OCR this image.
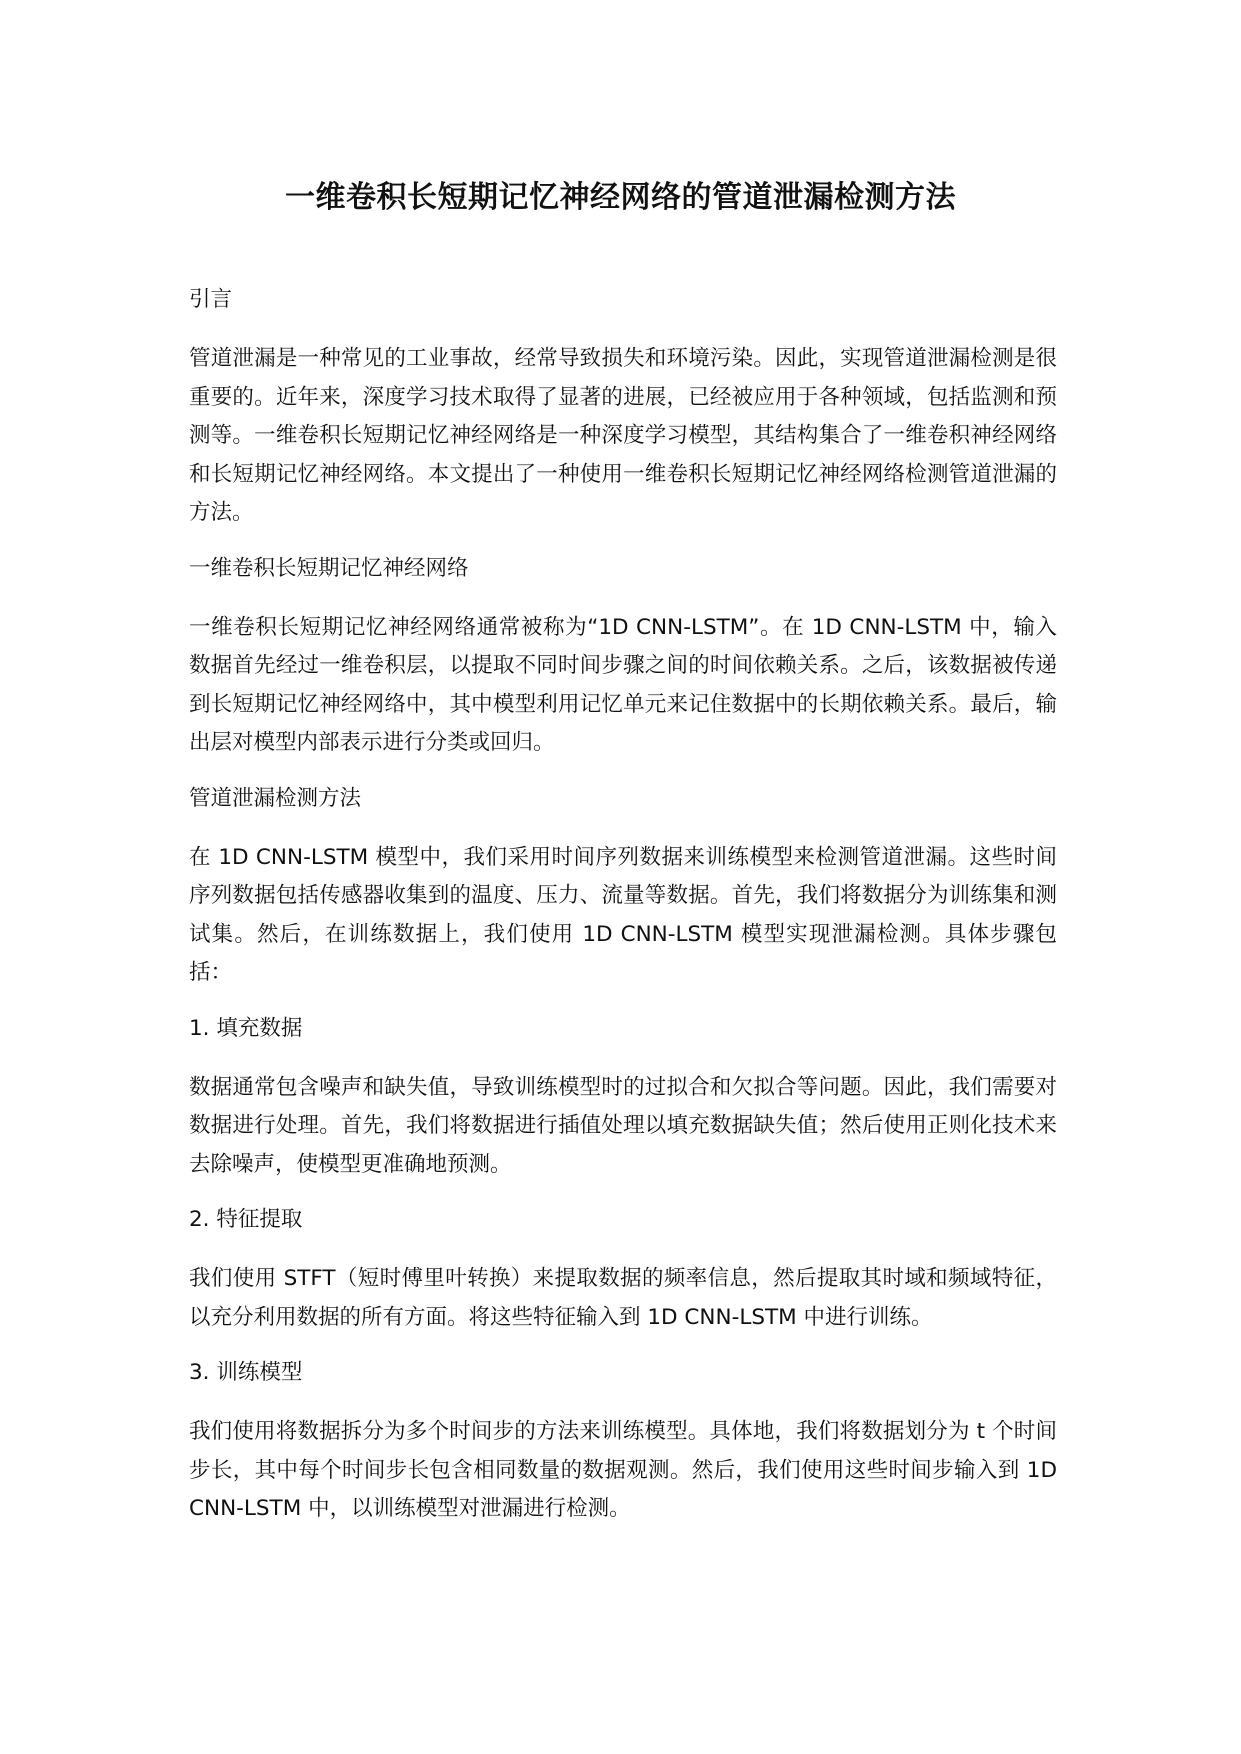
一维卷积长短期记忆神经网络的管道泄漏检测方法

引言

管道泄漏是一种常见的工业事故，经常导致损失和环境污染。因此，实现管道泄漏检测是很重要的。近年来，深度学习技术取得了显著的进展，已经被应用于各种领域，包括监测和预测等。一维卷积长短期记忆神经网络是一种深度学习模型，其结构集合了一维卷积神经网络和长短期记忆神经网络。本文提出了一种使用一维卷积长短期记忆神经网络检测管道泄漏的方法。

一维卷积长短期记忆神经网络

一维卷积长短期记忆神经网络通常被称为“1D CNN-LSTM”。在 1D CNN-LSTM 中，输入数据首先经过一维卷积层，以提取不同时间步骤之间的时间依赖关系。之后，该数据被传递到长短期记忆神经网络中，其中模型利用记忆单元来记住数据中的长期依赖关系。最后，输出层对模型内部表示进行分类或回归。

管道泄漏检测方法

在 1D CNN-LSTM 模型中，我们采用时间序列数据来训练模型来检测管道泄漏。这些时间序列数据包括传感器收集到的温度、压力、流量等数据。首先，我们将数据分为训练集和测试集。然后，在训练数据上，我们使用 1D CNN-LSTM 模型实现泄漏检测。具体步骤包括：

1. 填充数据

数据通常包含噪声和缺失值，导致训练模型时的过拟合和欠拟合等问题。因此，我们需要对数据进行处理。首先，我们将数据进行插值处理以填充数据缺失值；然后使用正则化技术来去除噪声，使模型更准确地预测。

2. 特征提取

我们使用 STFT（短时傅里叶转换）来提取数据的频率信息，然后提取其时域和频域特征，以充分利用数据的所有方面。将这些特征输入到 1D CNN-LSTM 中进行训练。

3. 训练模型

我们使用将数据拆分为多个时间步的方法来训练模型。具体地，我们将数据划分为 t 个时间步长，其中每个时间步长包含相同数量的数据观测。然后，我们使用这些时间步输入到 1D CNN-LSTM 中，以训练模型对泄漏进行检测。
